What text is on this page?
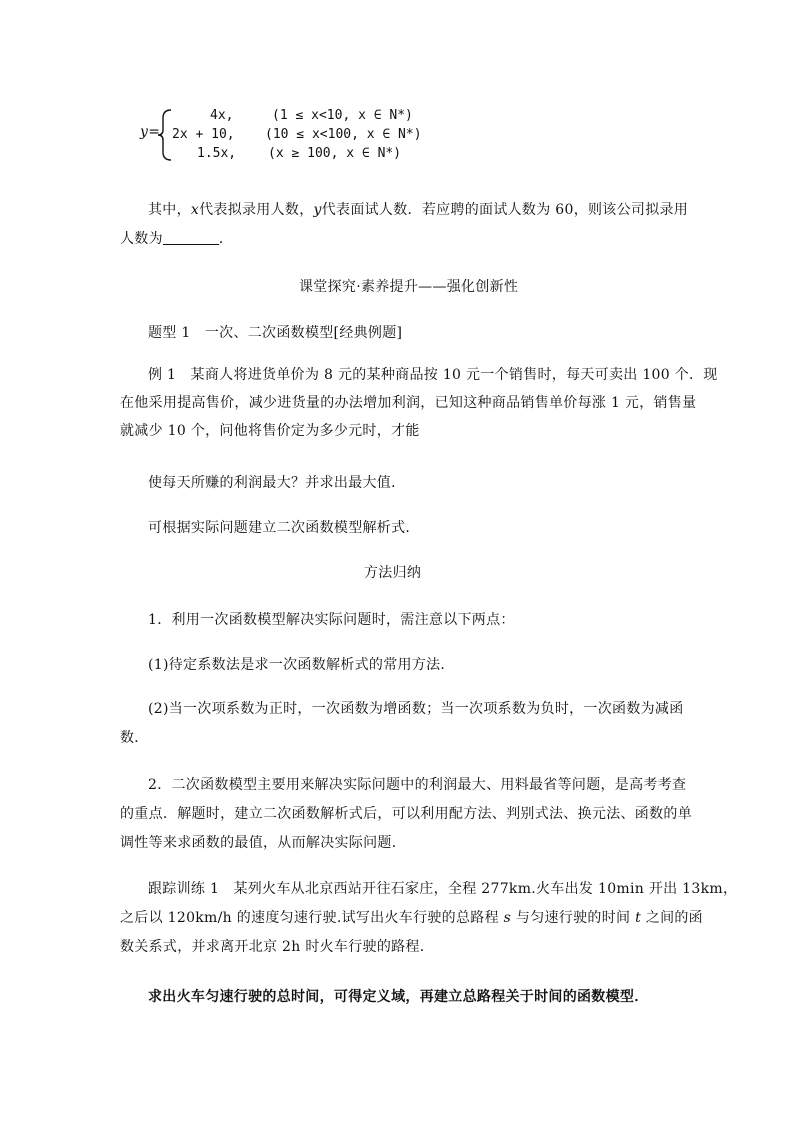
y=
4x,	(1 ≤ x<10, x ∈ N*)
2x + 10, (10 ≤ x<100, x ∈ N*)
1.5x, (x ≥ 100, x ∈ N*)
其中，x代表拟录用人数，y代表面试人数．若应聘的面试人数为 60，则该公司拟录用
人数为	．
课堂探究·素养提升——强化创新性
题型 1　一次、二次函数模型[经典例题]
例 1　某商人将进货单价为 8 元的某种商品按 10 元一个销售时，每天可卖出 100 个．现
在他采用提高售价，减少进货量的办法增加利润，已知这种商品销售单价每涨 1 元，销售量
就减少 10 个，问他将售价定为多少元时，才能
使每天所赚的利润最大？并求出最大值．
可根据实际问题建立二次函数模型解析式．
方法归纳
1．利用一次函数模型解决实际问题时，需注意以下两点：
(1)待定系数法是求一次函数解析式的常用方法．
(2)当一次项系数为正时，一次函数为增函数；当一次项系数为负时，一次函数为减函
数．
2．二次函数模型主要用来解决实际问题中的利润最大、用料最省等问题，是高考考查
的重点．解题时，建立二次函数解析式后，可以利用配方法、判别式法、换元法、函数的单
调性等来求函数的最值，从而解决实际问题．
跟踪训练 1　某列火车从北京西站开往石家庄，全程 277km.火车出发 10min 开出 13km，
之后以 120km/h 的速度匀速行驶.试写出火车行驶的总路程 s 与匀速行驶的时间 t 之间的函
数关系式，并求离开北京 2h 时火车行驶的路程．
求出火车匀速行驶的总时间，可得定义域，再建立总路程关于时间的函数模型．
